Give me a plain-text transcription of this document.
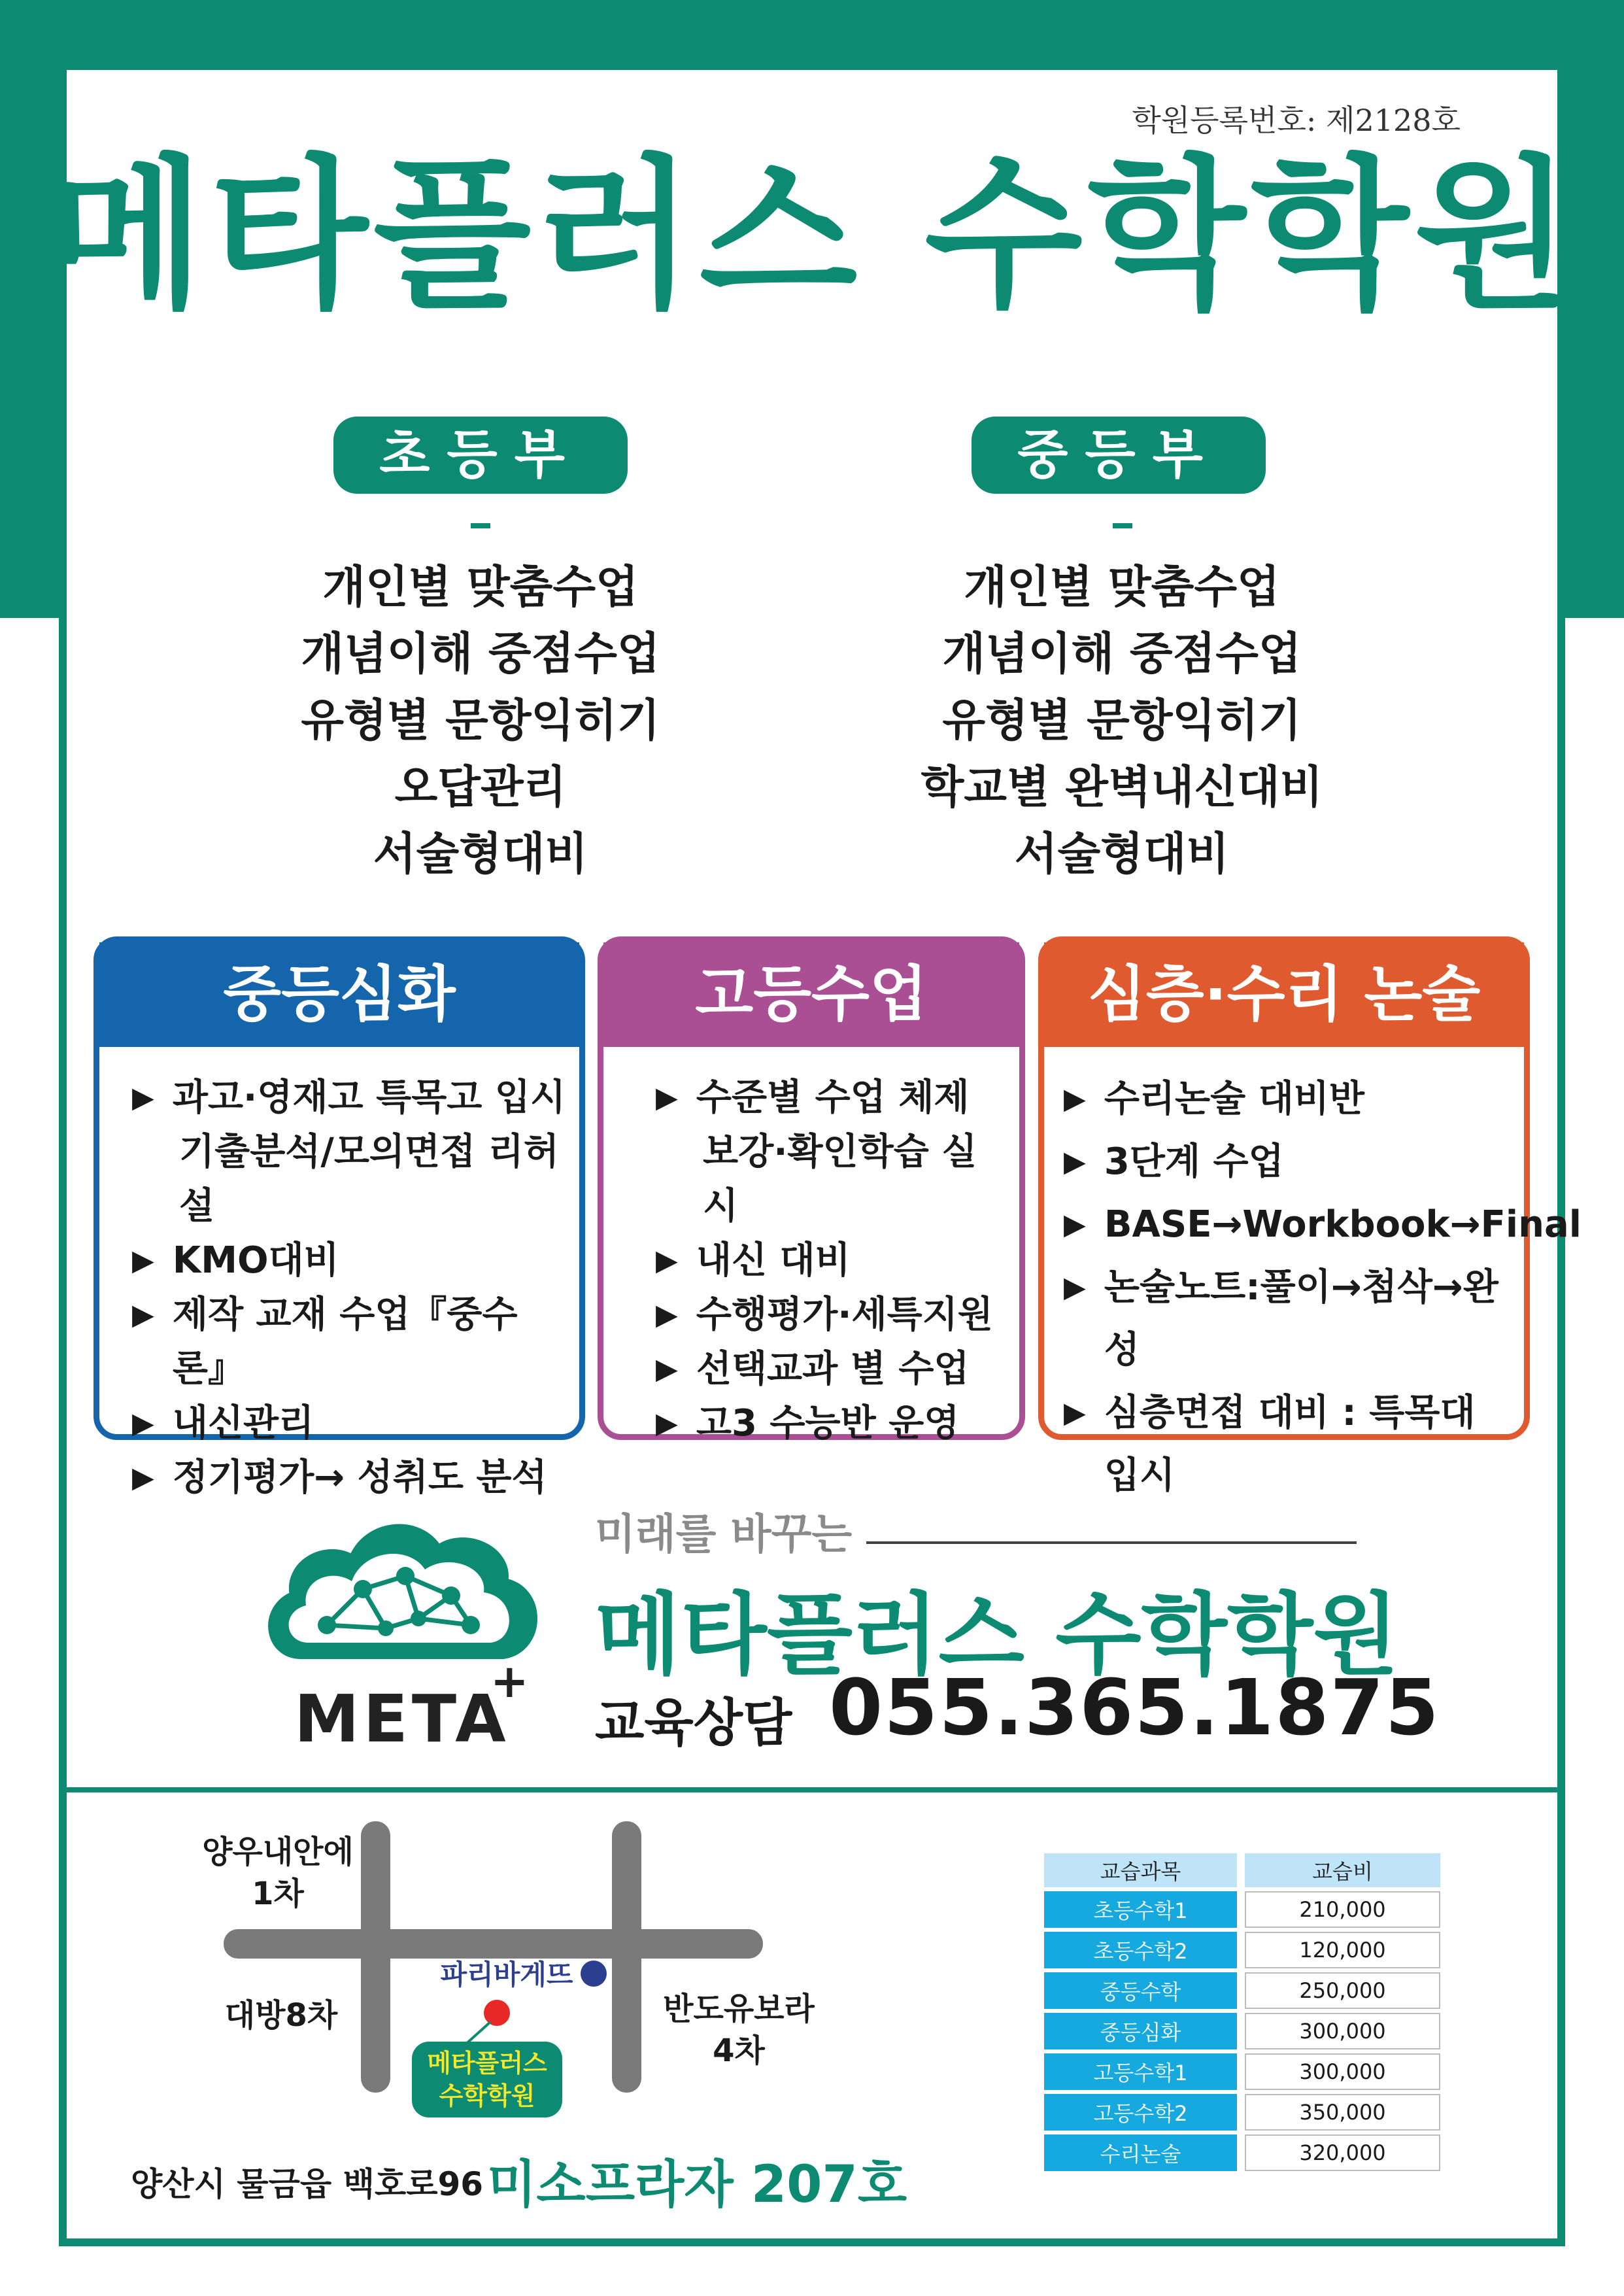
학원등록번호: 제2128호
메타플러스 수학학원
초등부
개인별 맞춤수업
개념이해 중점수업
유형별 문항익히기
오답관리
서술형대비
중등부
개인별 맞춤수업
개념이해 중점수업
유형별 문항익히기
학교별 완벽내신대비
서술형대비
중등심화
▶ 과고·영재고 특목고 입시
기출분석/모의면접 리허설
▶ KMO대비
▶ 제작 교재 수업『중수론』
▶ 내신관리
▶ 정기평가→ 성취도 분석
고등수업
▶ 수준별 수업 체제
보강·확인학습 실시
▶ 내신 대비
▶ 수행평가·세특지원
▶ 선택교과 별 수업
▶ 고3 수능반 운영
심층·수리 논술
▶ 수리논술 대비반
▶ 3단계 수업
▶ BASE→Workbook→Final
▶ 논술노트:풀이→첨삭→완성
▶ 심층면접 대비 : 특목대 입시
META
+
미래를 바꾸는
메타플러스 수학학원
교육상담 055.365.1875
양우내안에
1차
대방8차	반도유보라
4차
파리바게뜨
메타플러스
수학학원
양산시 물금읍 백호로96 미소프라자 207호
교습과목	교습비
초등수학1	210,000
초등수학2	120,000
중등수학	250,000
중등심화	300,000
고등수학1	300,000
고등수학2	350,000
수리논술	320,000
